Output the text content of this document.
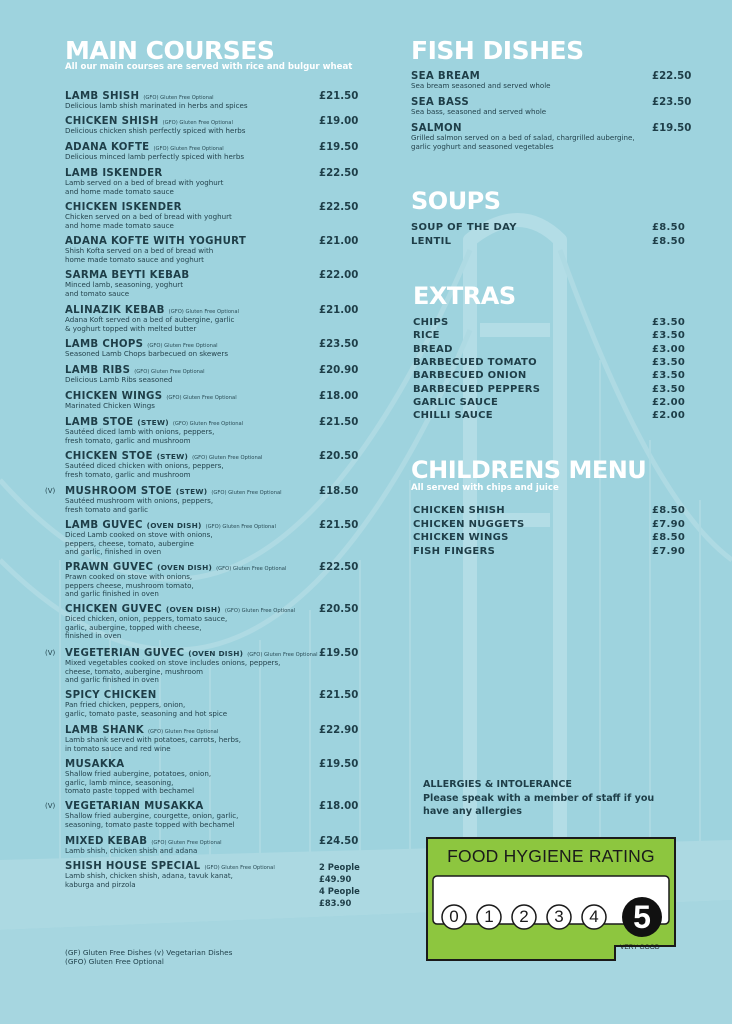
MAIN COURSES
All our main courses are served with rice and bulgur wheat
LAMB SHISH (GFO) Gluten Free Optional
Delicious lamb shish marinated in herbs and spices
£21.50
CHICKEN SHISH (GFO) Gluten Free Optional
Delicious chicken shish perfectly spiced with herbs
£19.00
ADANA KOFTE (GFO) Gluten Free Optional
Delicious minced lamb perfectly spiced with herbs
£19.50
LAMB ISKENDER
Lamb served on a bed of bread with yoghurt
and home made tomato sauce
£22.50
CHICKEN ISKENDER
Chicken served on a bed of bread with yoghurt
and home made tomato sauce
£22.50
ADANA KOFTE WITH YOGHURT
Shish Kofta served on a bed of bread with
home made tomato sauce and yoghurt
£21.00
SARMA BEYTI KEBAB
Minced lamb, seasoning, yoghurt
and tomato sauce
£22.00
ALINAZIK KEBAB (GFO) Gluten Free Optional
Adana Koft served on a bed of aubergine, garlic
& yoghurt topped with melted butter
£21.00
LAMB CHOPS (GFO) Gluten Free Optional
Seasoned Lamb Chops barbecued on skewers
£23.50
LAMB RIBS (GFO) Gluten Free Optional
Delicious Lamb Ribs seasoned
£20.90
CHICKEN WINGS (GFO) Gluten Free Optional
Marinated Chicken Wings
£18.00
LAMB STOE (STEW) (GFO) Gluten Free Optional
Sautéed diced lamb with onions, peppers,
fresh tomato, garlic and mushroom
£21.50
CHICKEN STOE (STEW) (GFO) Gluten Free Optional
Sautéed diced chicken with onions, peppers,
fresh tomato, garlic and mushroom
£20.50
(V) MUSHROOM STOE (STEW) (GFO) Gluten Free Optional
Sautéed mushroom with onions, peppers,
fresh tomato and garlic
£18.50
LAMB GUVEC (OVEN DISH) (GFO) Gluten Free Optional
Diced Lamb cooked on stove with onions,
peppers, cheese, tomato, aubergine
and garlic, finished in oven
£21.50
PRAWN GUVEC (OVEN DISH) (GFO) Gluten Free Optional
Prawn cooked on stove with onions,
peppers cheese, mushroom tomato,
and garlic finished in oven
£22.50
CHICKEN GUVEC (OVEN DISH) (GFO) Gluten Free Optional
Diced chicken, onion, peppers, tomato sauce,
garlic, aubergine, topped with cheese,
finished in oven
£20.50
(V) VEGETERIAN GUVEC (OVEN DISH) (GFO) Gluten Free Optional
Mixed vegetables cooked on stove includes onions, peppers,
cheese, tomato, aubergine, mushroom
and garlic finished in oven
£19.50
SPICY CHICKEN
Pan fried chicken, peppers, onion,
garlic, tomato paste, seasoning and hot spice
£21.50
LAMB SHANK (GFO) Gluten Free Optional
Lamb shank served with potatoes, carrots, herbs,
in tomato sauce and red wine
£22.90
MUSAKKA
Shallow fried aubergine, potatoes, onion,
garlic, lamb mince, seasoning,
tomato paste topped with bechamel
£19.50
(V) VEGETARIAN MUSAKKA
Shallow fried aubergine, courgette, onion, garlic,
seasoning, tomato paste topped with bechamel
£18.00
MIXED KEBAB (GFO) Gluten Free Optional
Lamb shish, chicken shish and adana
£24.50
SHISH HOUSE SPECIAL (GFO) Gluten Free Optional
Lamb shish, chicken shish, adana, tavuk kanat,
kaburga and pirzola
2 People £49.90
4 People £83.90
(GF) Gluten Free Dishes (v) Vegetarian Dishes
(GFO) Gluten Free Optional
FISH DISHES
SEA BREAM
Sea bream seasoned and served whole
£22.50
SEA BASS
Sea bass, seasoned and served whole
£23.50
SALMON
Grilled salmon served on a bed of salad, chargrilled aubergine,
garlic yoghurt and seasoned vegetables
£19.50
SOUPS
SOUP OF THE DAY	£8.50
LENTIL	£8.50
EXTRAS
CHIPS	£3.50
RICE	£3.50
BREAD	£3.00
BARBECUED TOMATO	£3.50
BARBECUED ONION	£3.50
BARBECUED PEPPERS	£3.50
GARLIC SAUCE	£2.00
CHILLI SAUCE	£2.00
CHILDRENS MENU
All served with chips and juice
CHICKEN SHISH	£8.50
CHICKEN NUGGETS	£7.90
CHICKEN WINGS	£8.50
FISH FINGERS	£7.90
ALLERGIES & INTOLERANCE
Please speak with a member of staff if you
have any allergies
FOOD HYGIENE RATING
0	1	2	3	4	5
VERY GOOD
